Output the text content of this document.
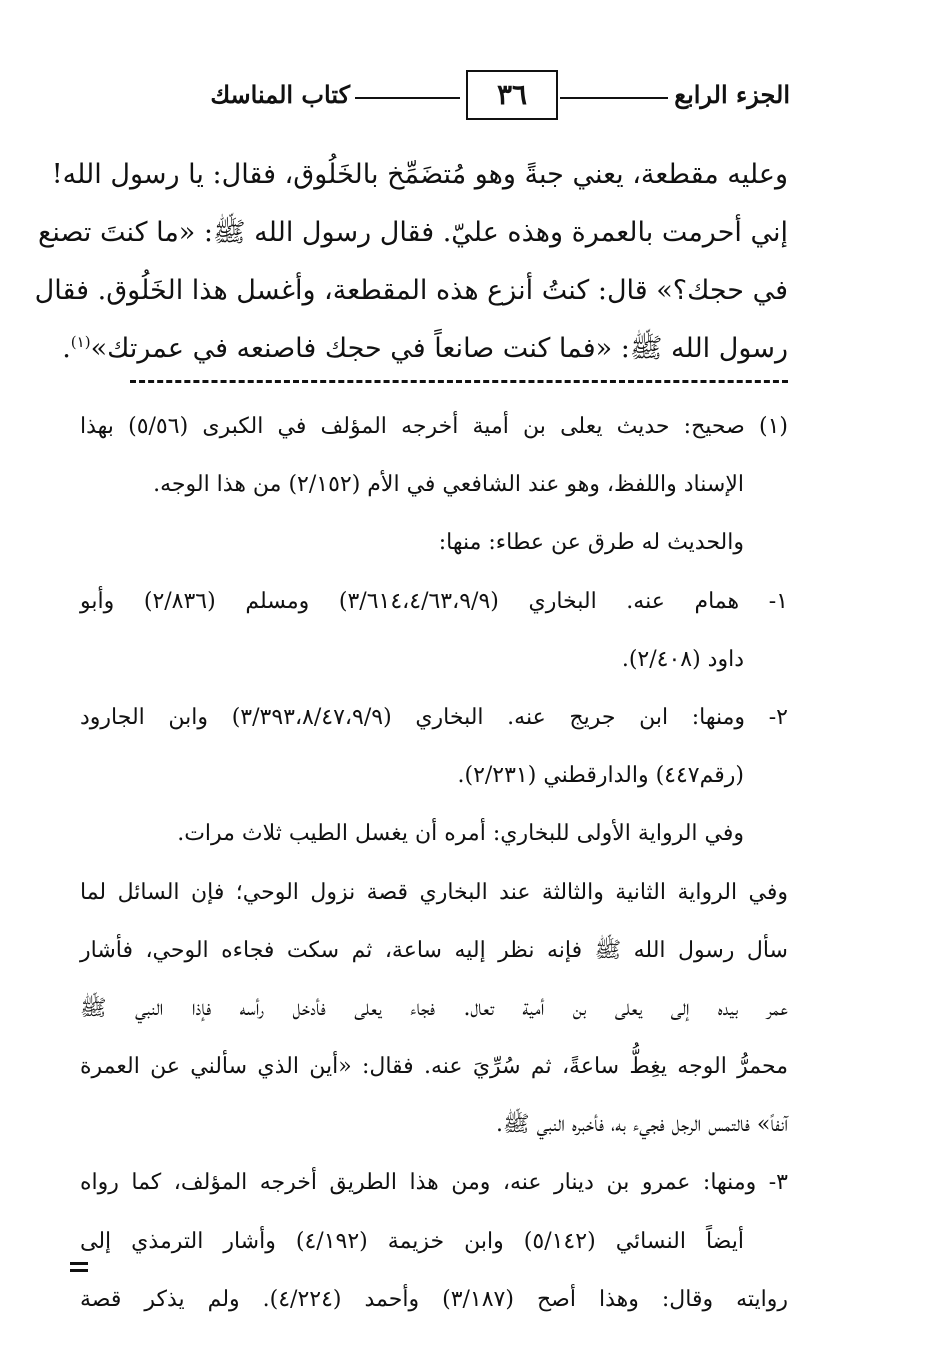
الجزء الرابع
٣٦
كتاب المناسك
وعليه مقطعة، يعني جبةً وهو مُتضَمِّخ بالخَلُوق، فقال: يا رسول الله!
إني أحرمت بالعمرة وهذه عليّ. فقال رسول الله ﷺ: «ما كنتَ تصنع
في حجك؟» قال: كنتُ أنزع هذه المقطعة، وأغسل هذا الخَلُوق. فقال
رسول الله ﷺ: «فما كنت صانعاً في حجك فاصنعه في عمرتك»$^{(١)}$.
(١) صحيح: حديث يعلى بن أمية أخرجه المؤلف في الكبرى (٥/٥٦) بهذا
الإسناد واللفظ، وهو عند الشافعي في الأم (٢/١٥٢) من هذا الوجه.
والحديث له طرق عن عطاء: منها:
١- همام عنه. البخاري (٣/٦١٤،٤/٦٣،٩/٩) ومسلم (٢/٨٣٦) وأبو
داود (٢/٤٠٨).
٢- ومنها: ابن جريج عنه. البخاري (٣/٣٩٣،٨/٤٧،٩/٩) وابن الجارود
(رقم٤٤٧) والدارقطني (٢/٢٣١).
وفي الرواية الأولى للبخاري: أمره أن يغسل الطيب ثلاث مرات.
وفي الرواية الثانية والثالثة عند البخاري قصة نزول الوحي؛ فإن السائل لما
سأل رسول الله ﷺ فإنه نظر إليه ساعة، ثم سكت فجاءه الوحي، فأشار
عمر بيده إلى يعلى بن أمية تعال. فجاء يعلى فأدخل رأسه فإذا النبي ﷺ
محمرُّ الوجه يغِطُّ ساعةً، ثم سُرِّيَ عنه. فقال: «أين الذي سألني عن العمرة
آنفاً» فالتمس الرجل فجيء به، فأخبره النبي ﷺ.
٣- ومنها: عمرو بن دينار عنه، ومن هذا الطريق أخرجه المؤلف، كما رواه
أيضاً النسائي (٥/١٤٢) وابن خزيمة (٤/١٩٢) وأشار الترمذي إلى
روايته وقال: وهذا أصح (٣/١٨٧) وأحمد (٤/٢٢٤). ولم يذكر قصة
